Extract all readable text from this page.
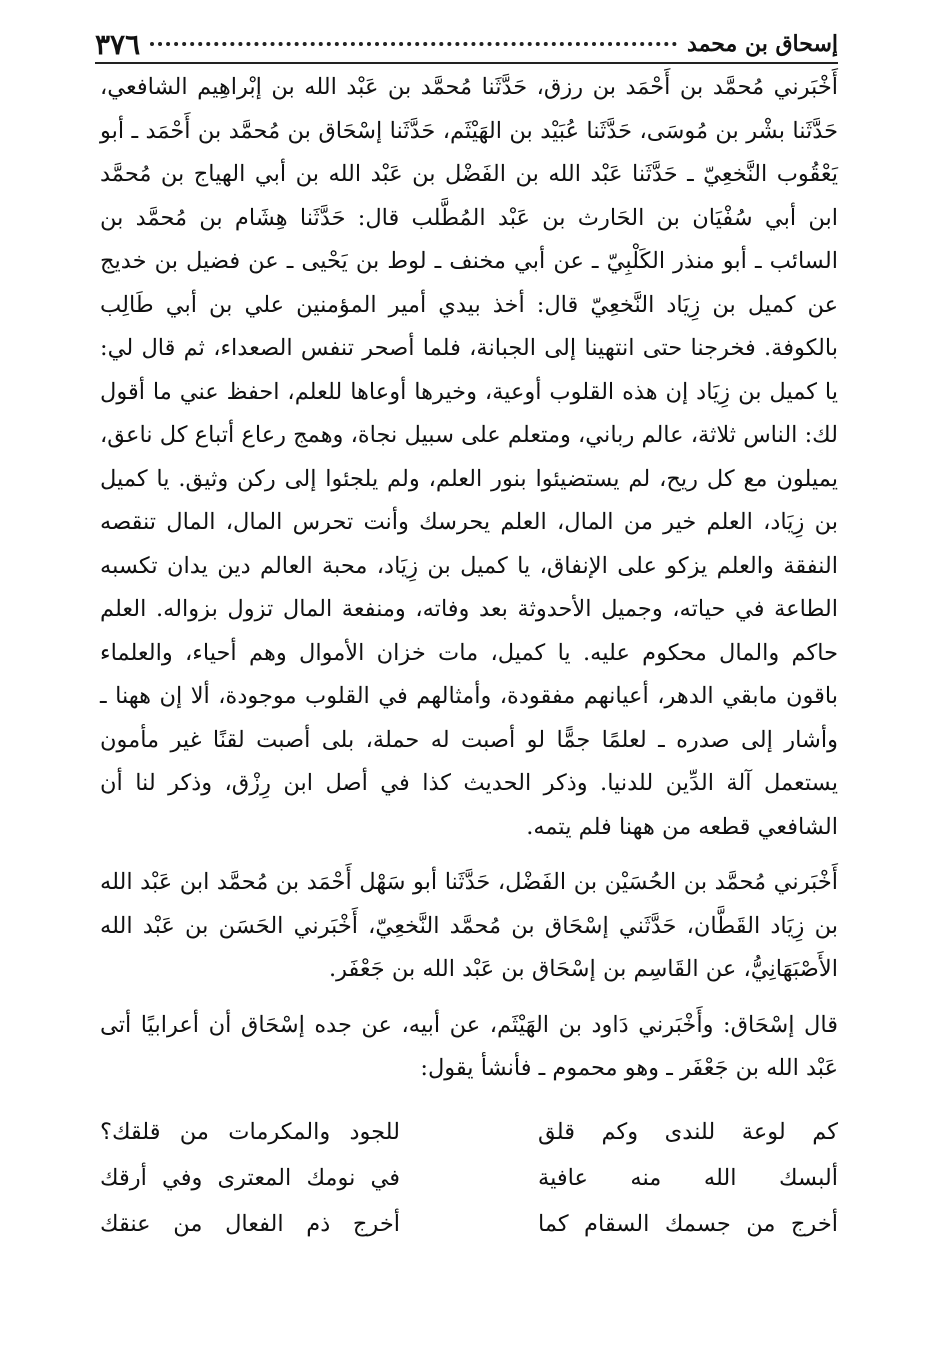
٣٧٦	إسحاق بن محمد

أَخْبَرني مُحمَّد بن أَحْمَد بن رزق، حَدَّثَنا مُحمَّد بن عَبْد الله بن إبْراهِيم الشافعي، حَدَّثَنا بشْر بن مُوسَى، حَدَّثَنا عُبَيْد بن الهَيْثَم، حَدَّثَنا إسْحَاق بن مُحمَّد بن أَحْمَد ـ أبو يَعْقُوب النَّخعِيّ ـ حَدَّثَنا عَبْد الله بن الفَضْل بن عَبْد الله بن أبي الهياج بن مُحمَّد ابن أبي سُفْيَان بن الحَارث بن عَبْد المُطَّلب قال: حَدَّثَنا هِشَام بن مُحمَّد بن السائب ـ أبو منذر الكَلْبِيّ ـ عن أبي مخنف ـ لوط بن يَحْيى ـ عن فضيل بن خديج عن كميل بن زِيَاد النَّخعِيّ قال: أخذ بيدي أمير المؤمنين علي بن أبي طَالِب بالكوفة. فخرجنا حتى انتهينا إلى الجبانة، فلما أصحر تنفس الصعداء، ثم قال لي: يا كميل بن زِيَاد إن هذه القلوب أوعية، وخيرها أوعاها للعلم، احفظ عني ما أقول لك: الناس ثلاثة، عالم رباني، ومتعلم على سبيل نجاة، وهمج رعاع أتباع كل ناعق، يميلون مع كل ريح، لم يستضيئوا بنور العلم، ولم يلجئوا إلى ركن وثيق. يا كميل بن زِيَاد، العلم خير من المال، العلم يحرسك وأنت تحرس المال، المال تنقصه النفقة والعلم يزكو على الإنفاق، يا كميل بن زِيَاد، محبة العالم دين يدان تكسبه الطاعة في حياته، وجميل الأحدوثة بعد وفاته، ومنفعة المال تزول بزواله. العلم حاكم والمال محكوم عليه. يا كميل، مات خزان الأموال وهم أحياء، والعلماء باقون مابقي الدهر، أعيانهم مفقودة، وأمثالهم في القلوب موجودة، ألا إن ههنا ـ وأشار إلى صدره ـ لعلمًا جمًّا لو أصبت له حملة، بلى أصبت لقنًا غير مأمون يستعمل آلة الدِّين للدنيا. وذكر الحديث كذا في أصل ابن رِزْق، وذكر لنا أن الشافعي قطعه من ههنا فلم يتمه.

أَخْبَرني مُحمَّد بن الحُسَيْن بن الفَضْل، حَدَّثَنا أبو سَهْل أَحْمَد بن مُحمَّد ابن عَبْد الله بن زِيَاد القَطَّان، حَدَّثَني إسْحَاق بن مُحمَّد النَّخعِيّ، أَخْبَرني الحَسَن بن عَبْد الله الأَصْبَهَانِيُّ، عن القَاسِم بن إسْحَاق بن عَبْد الله بن جَعْفَر.

قال إسْحَاق: وأَخْبَرني دَاود بن الهَيْثَم، عن أبيه، عن جده إسْحَاق أن أعرابيًا أتى عَبْد الله بن جَعْفَر ـ وهو محموم ـ فأنشأ يقول:

كم لوعة للندى وكم قلق
للجود والمكرمات من قلقك؟
ألبسك الله منه عافية
في نومك المعترى وفي أرقك
أخرج من جسمك السقام كما
أخرج ذم الفعال من عنقك
